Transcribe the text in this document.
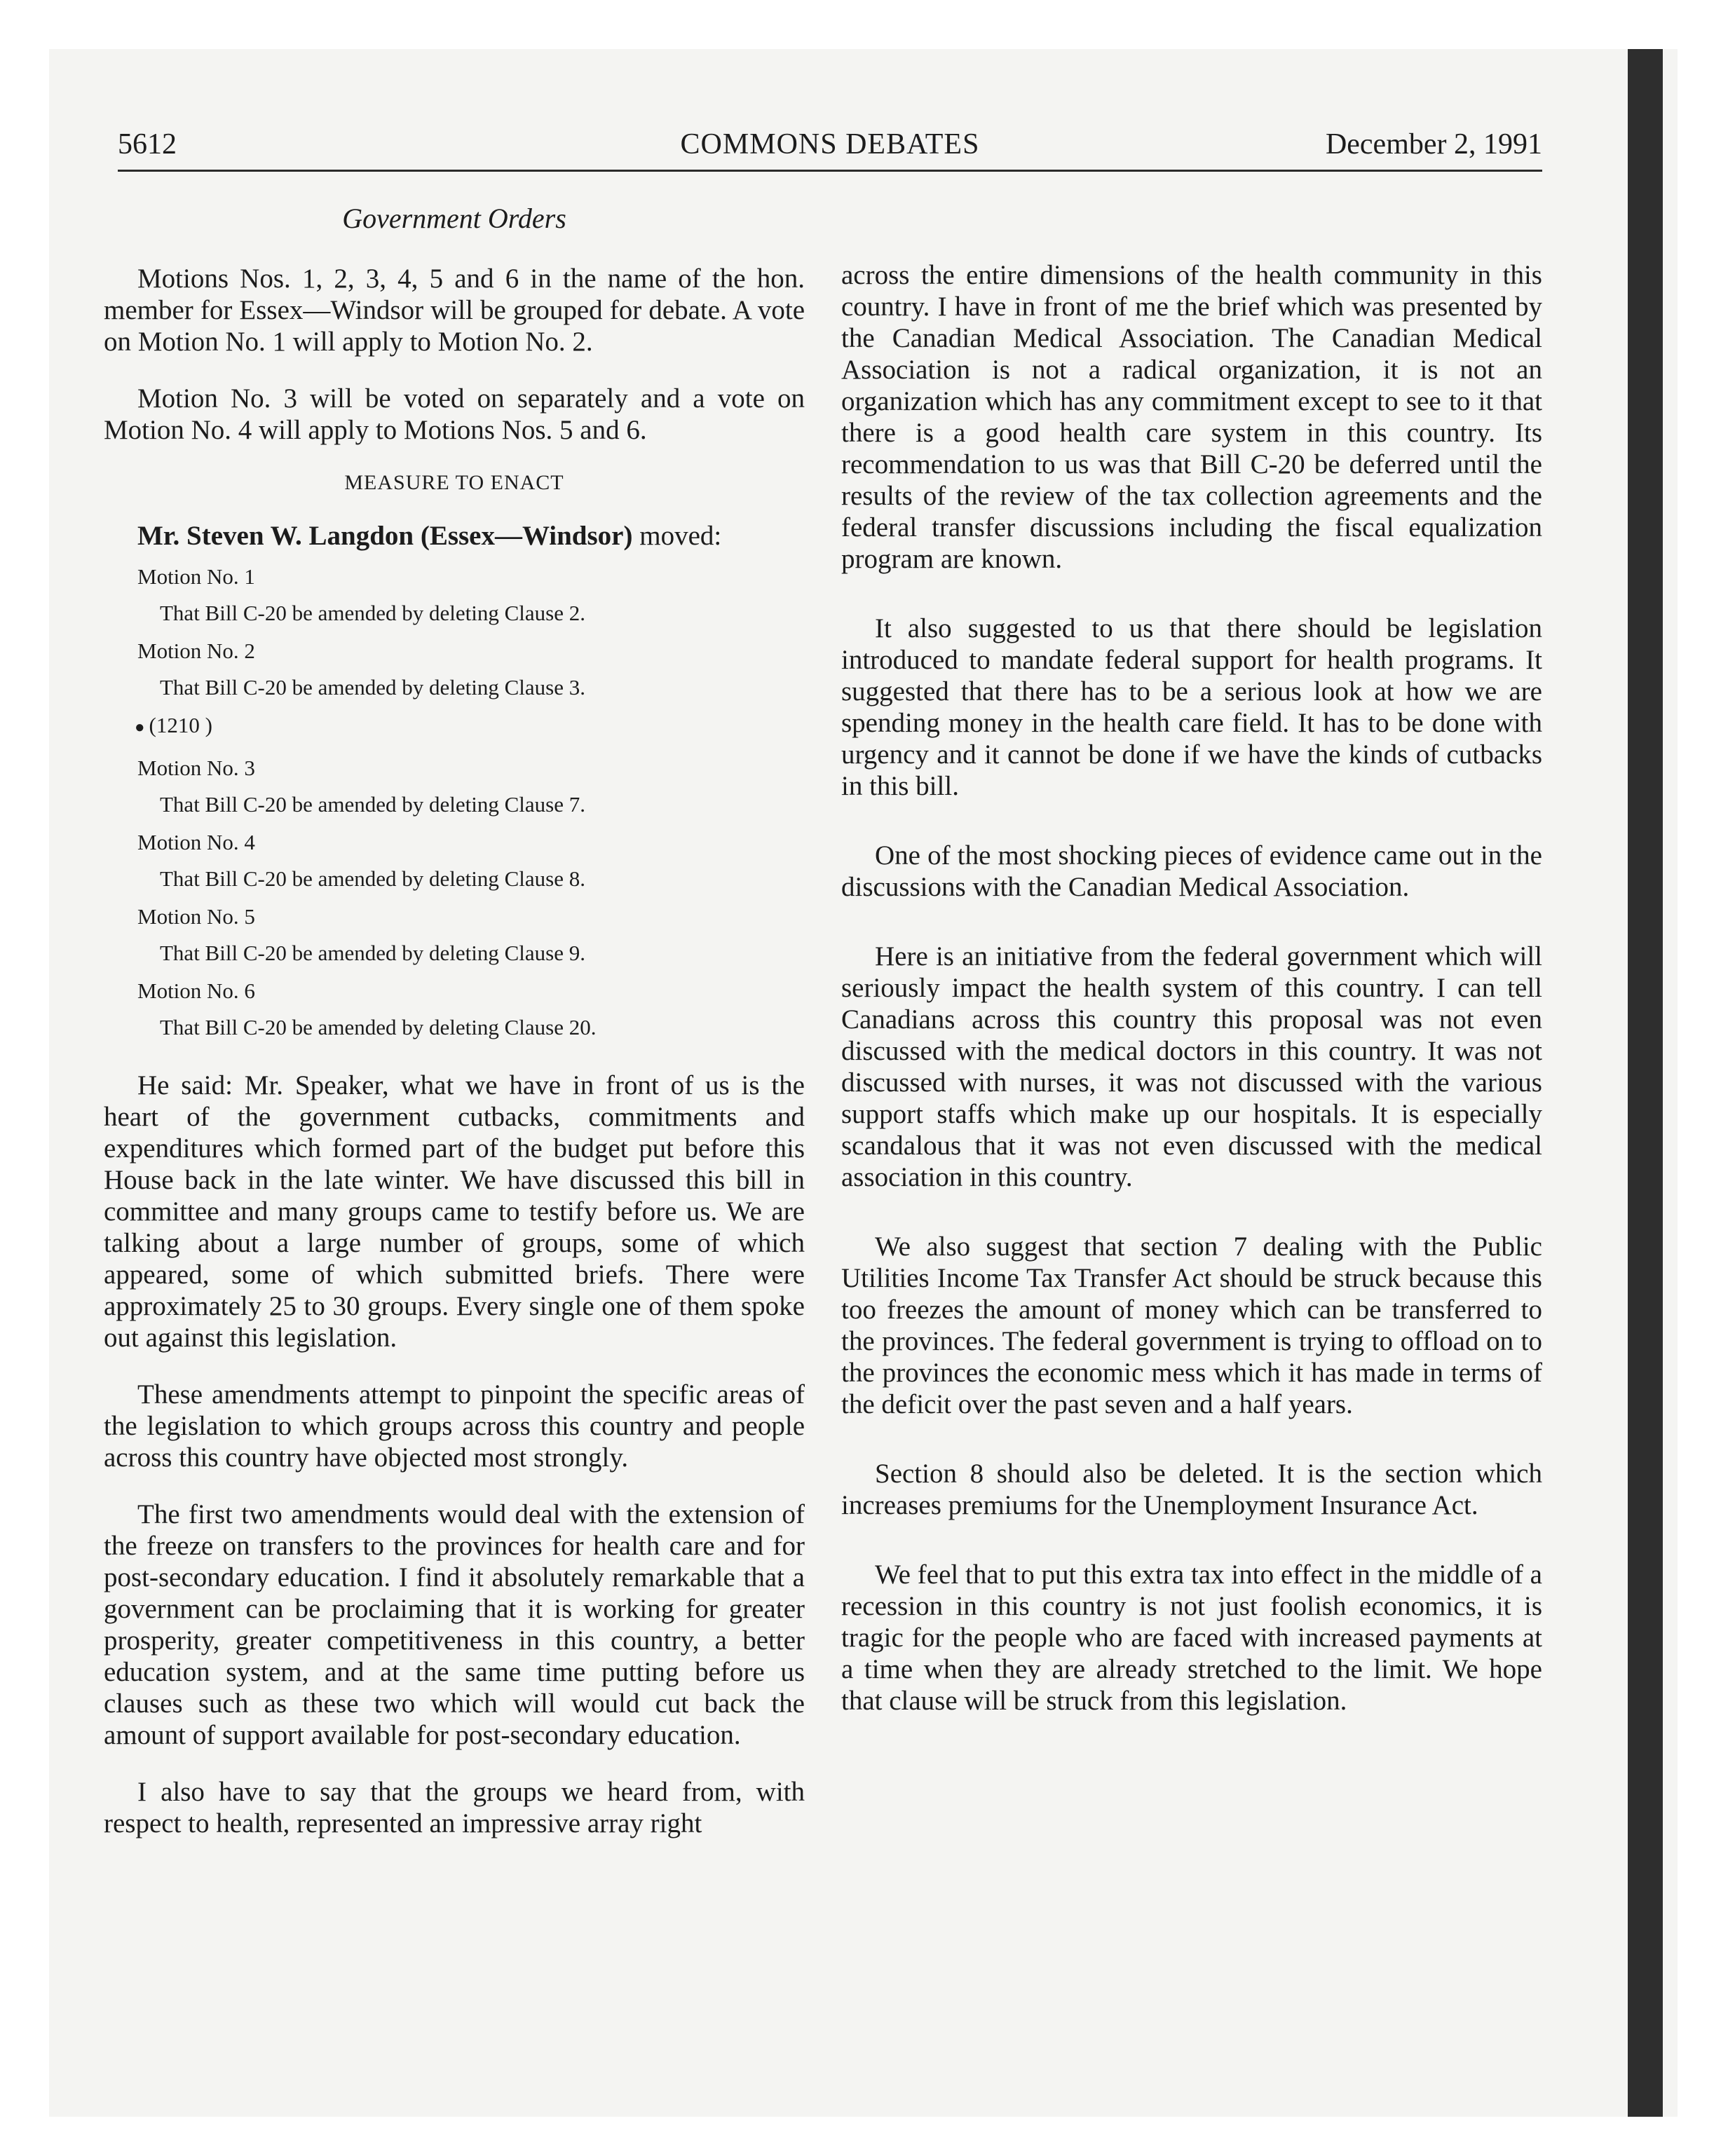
5612	COMMONS DEBATES	December 2, 1991
Government Orders

Motions Nos. 1, 2, 3, 4, 5 and 6 in the name of the hon. member for Essex—Windsor will be grouped for debate. A vote on Motion No. 1 will apply to Motion No. 2.

Motion No. 3 will be voted on separately and a vote on Motion No. 4 will apply to Motions Nos. 5 and 6.

MEASURE TO ENACT
Mr. Steven W. Langdon (Essex—Windsor) moved:
Motion No. 1
That Bill C-20 be amended by deleting Clause 2.
Motion No. 2
That Bill C-20 be amended by deleting Clause 3.
● (1210 )
Motion No. 3
That Bill C-20 be amended by deleting Clause 7.
Motion No. 4
That Bill C-20 be amended by deleting Clause 8.
Motion No. 5
That Bill C-20 be amended by deleting Clause 9.
Motion No. 6
That Bill C-20 be amended by deleting Clause 20.

He said: Mr. Speaker, what we have in front of us is the heart of the government cutbacks, commitments and expenditures which formed part of the budget put before this House back in the late winter. We have discussed this bill in committee and many groups came to testify before us. We are talking about a large number of groups, some of which appeared, some of which submitted briefs. There were approximately 25 to 30 groups. Every single one of them spoke out against this legislation.

These amendments attempt to pinpoint the specific areas of the legislation to which groups across this country and people across this country have objected most strongly.

The first two amendments would deal with the extension of the freeze on transfers to the provinces for health care and for post-secondary education. I find it absolutely remarkable that a government can be proclaiming that it is working for greater prosperity, greater competitiveness in this country, a better education system, and at the same time putting before us clauses such as these two which will would cut back the amount of support available for post-secondary education.

I also have to say that the groups we heard from, with respect to health, represented an impressive array right

across the entire dimensions of the health community in this country. I have in front of me the brief which was presented by the Canadian Medical Association. The Canadian Medical Association is not a radical organization, it is not an organization which has any commitment except to see to it that there is a good health care system in this country. Its recommendation to us was that Bill C-20 be deferred until the results of the review of the tax collection agreements and the federal transfer discussions including the fiscal equalization program are known.

It also suggested to us that there should be legislation introduced to mandate federal support for health programs. It suggested that there has to be a serious look at how we are spending money in the health care field. It has to be done with urgency and it cannot be done if we have the kinds of cutbacks in this bill.

One of the most shocking pieces of evidence came out in the discussions with the Canadian Medical Association.

Here is an initiative from the federal government which will seriously impact the health system of this country. I can tell Canadians across this country this proposal was not even discussed with the medical doctors in this country. It was not discussed with nurses, it was not discussed with the various support staffs which make up our hospitals. It is especially scandalous that it was not even discussed with the medical association in this country.

We also suggest that section 7 dealing with the Public Utilities Income Tax Transfer Act should be struck because this too freezes the amount of money which can be transferred to the provinces. The federal government is trying to offload on to the provinces the economic mess which it has made in terms of the deficit over the past seven and a half years.

Section 8 should also be deleted. It is the section which increases premiums for the Unemployment Insurance Act.

We feel that to put this extra tax into effect in the middle of a recession in this country is not just foolish economics, it is tragic for the people who are faced with increased payments at a time when they are already stretched to the limit. We hope that clause will be struck from this legislation.
